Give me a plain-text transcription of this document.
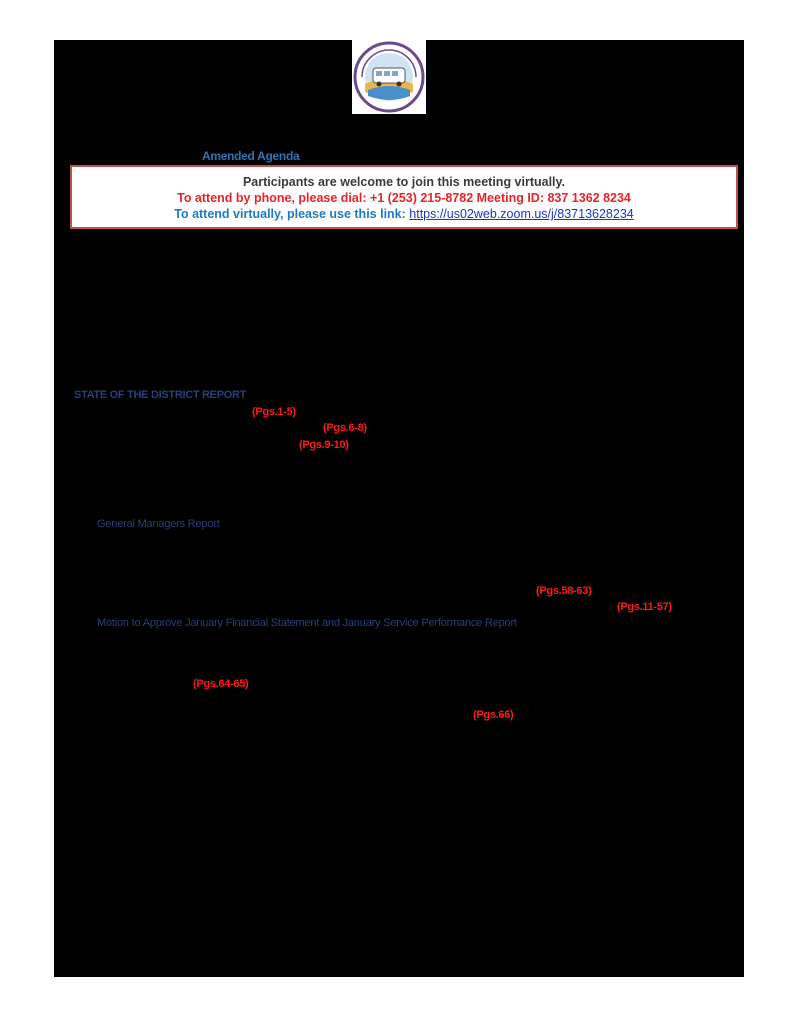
Amended Agenda
Participants are welcome to join this meeting virtually.
To attend by phone, please dial: +1 (253) 215-8782 Meeting ID: 837 1362 8234
To attend virtually, please use this link: https://us02web.zoom.us/j/83713628234
STATE OF THE DISTRICT REPORT
(Pgs.1-5)
(Pgs.6-8)
(Pgs.9-10)
General Managers Report
(Pgs.58-63)
(Pgs.11-57)
Motion to Approve January Financial Statement and January Service Performance Report
(Pgs.64-65)
(Pgs.66)
